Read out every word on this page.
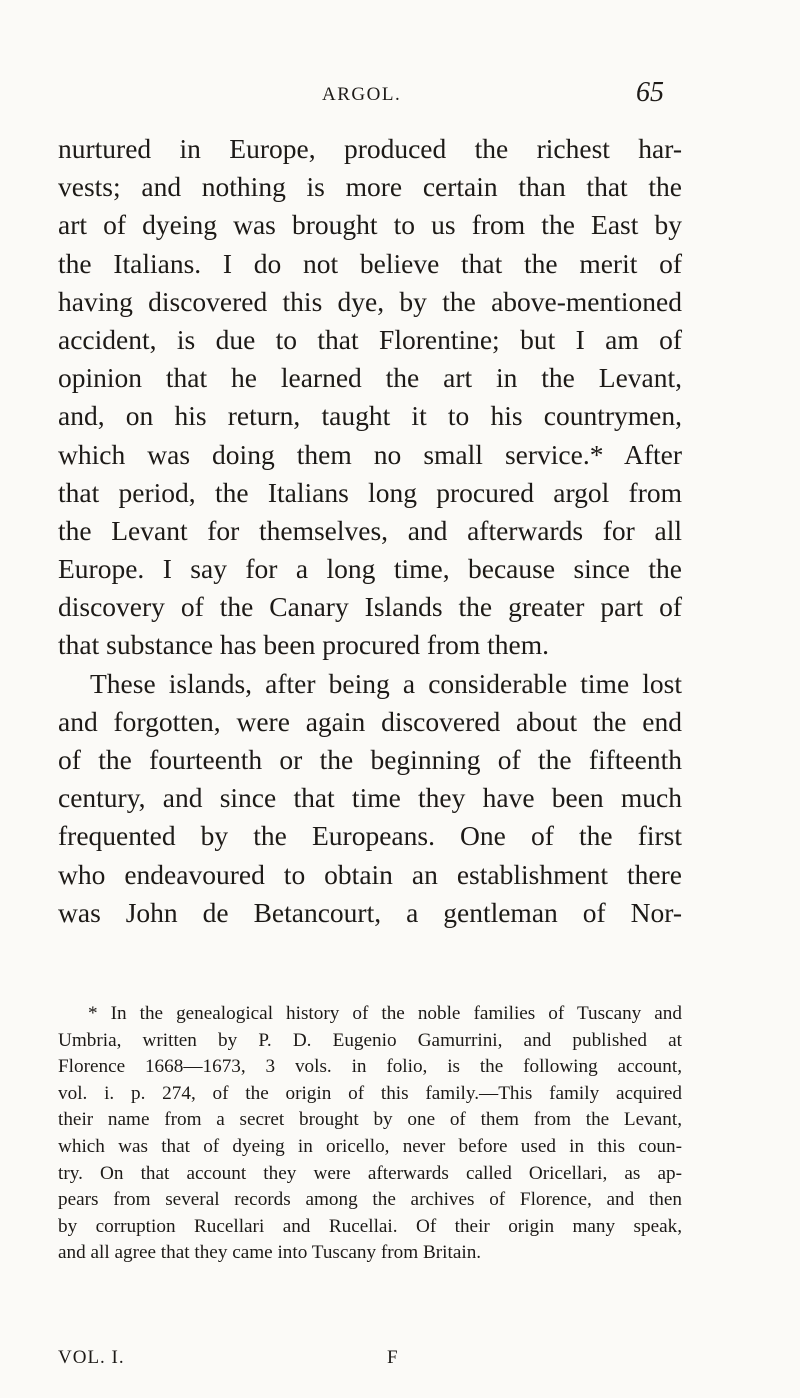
ARGOL.	65
nurtured in Europe, produced the richest har-
vests; and nothing is more certain than that the
art of dyeing was brought to us from the East by
the Italians. I do not believe that the merit of
having discovered this dye, by the above-mentioned
accident, is due to that Florentine; but I am of
opinion that he learned the art in the Levant,
and, on his return, taught it to his countrymen,
which was doing them no small service.* After
that period, the Italians long procured argol from
the Levant for themselves, and afterwards for all
Europe. I say for a long time, because since the
discovery of the Canary Islands the greater part of
that substance has been procured from them.
These islands, after being a considerable time lost
and forgotten, were again discovered about the end
of the fourteenth or the beginning of the fifteenth
century, and since that time they have been much
frequented by the Europeans. One of the first
who endeavoured to obtain an establishment there
was John de Betancourt, a gentleman of Nor-
* In the genealogical history of the noble families of Tuscany and
Umbria, written by P. D. Eugenio Gamurrini, and published at
Florence 1668—1673, 3 vols. in folio, is the following account,
vol. i. p. 274, of the origin of this family.—This family acquired
their name from a secret brought by one of them from the Levant,
which was that of dyeing in oricello, never before used in this coun-
try. On that account they were afterwards called Oricellari, as ap-
pears from several records among the archives of Florence, and then
by corruption Rucellari and Rucellai. Of their origin many speak,
and all agree that they came into Tuscany from Britain.
VOL. I.	F
